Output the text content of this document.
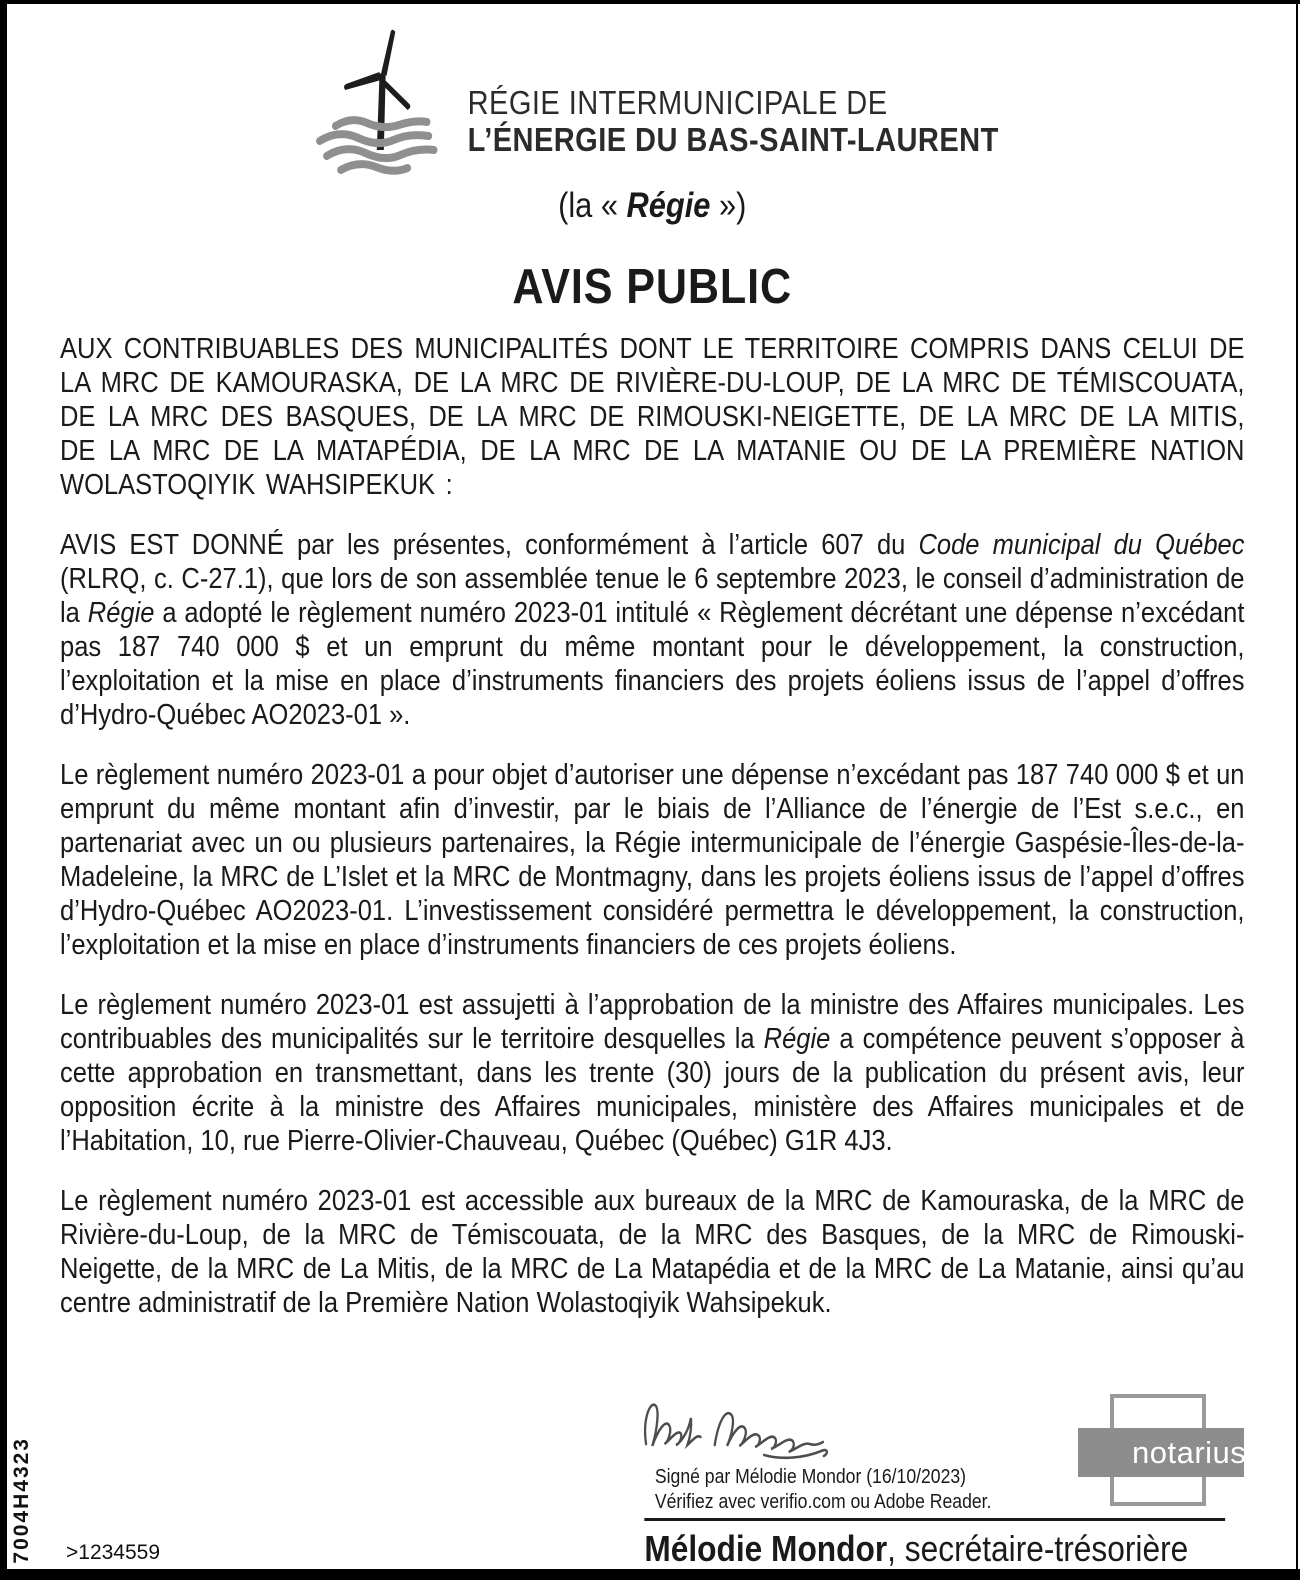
RÉGIE INTERMUNICIPALE DE
L’ÉNERGIE DU BAS-SAINT-LAURENT
(la « Régie »)
AVIS PUBLIC

AUX CONTRIBUABLES DES MUNICIPALITÉS DONT LE TERRITOIRE COMPRIS DANS CELUI DE LA MRC DE KAMOURASKA, DE LA MRC DE RIVIÈRE-DU-LOUP, DE LA MRC DE TÉMISCOUATA, DE LA MRC DES BASQUES, DE LA MRC DE RIMOUSKI-NEIGETTE, DE LA MRC DE LA MITIS, DE LA MRC DE LA MATAPÉDIA, DE LA MRC DE LA MATANIE OU DE LA PREMIÈRE NATION WOLASTOQIYIK WAHSIPEKUK :

AVIS EST DONNÉ par les présentes, conformément à l’article 607 du Code municipal du Québec (RLRQ, c. C-27.1), que lors de son assemblée tenue le 6 septembre 2023, le conseil d’administration de la Régie a adopté le règlement numéro 2023-01 intitulé « Règlement décrétant une dépense n’excédant pas 187 740 000 $ et un emprunt du même montant pour le développement, la construction, l’exploitation et la mise en place d’instruments financiers des projets éoliens issus de l’appel d’offres d’Hydro-Québec AO2023-01 ».

Le règlement numéro 2023-01 a pour objet d’autoriser une dépense n’excédant pas 187 740 000 $ et un emprunt du même montant afin d’investir, par le biais de l’Alliance de l’énergie de l’Est s.e.c., en partenariat avec un ou plusieurs partenaires, la Régie intermunicipale de l’énergie Gaspésie-Îles-de-la-Madeleine, la MRC de L’Islet et la MRC de Montmagny, dans les projets éoliens issus de l’appel d’offres d’Hydro-Québec AO2023-01. L’investissement considéré permettra le développement, la construction, l’exploitation et la mise en place d’instruments financiers de ces projets éoliens.

Le règlement numéro 2023-01 est assujetti à l’approbation de la ministre des Affaires municipales. Les contribuables des municipalités sur le territoire desquelles la Régie a compétence peuvent s’opposer à cette approbation en transmettant, dans les trente (30) jours de la publication du présent avis, leur opposition écrite à la ministre des Affaires municipales, ministère des Affaires municipales et de l’Habitation, 10, rue Pierre-Olivier-Chauveau, Québec (Québec) G1R 4J3.

Le règlement numéro 2023-01 est accessible aux bureaux de la MRC de Kamouraska, de la MRC de Rivière-du-Loup, de la MRC de Témiscouata, de la MRC des Basques, de la MRC de Rimouski-Neigette, de la MRC de La Mitis, de la MRC de La Matapédia et de la MRC de La Matanie, ainsi qu’au centre administratif de la Première Nation Wolastoqiyik Wahsipekuk.

Signé par Mélodie Mondor (16/10/2023)
Vérifiez avec verifio.com ou Adobe Reader.
Mélodie Mondor, secrétaire-trésorière
notarius
7004H4323 >1234559
